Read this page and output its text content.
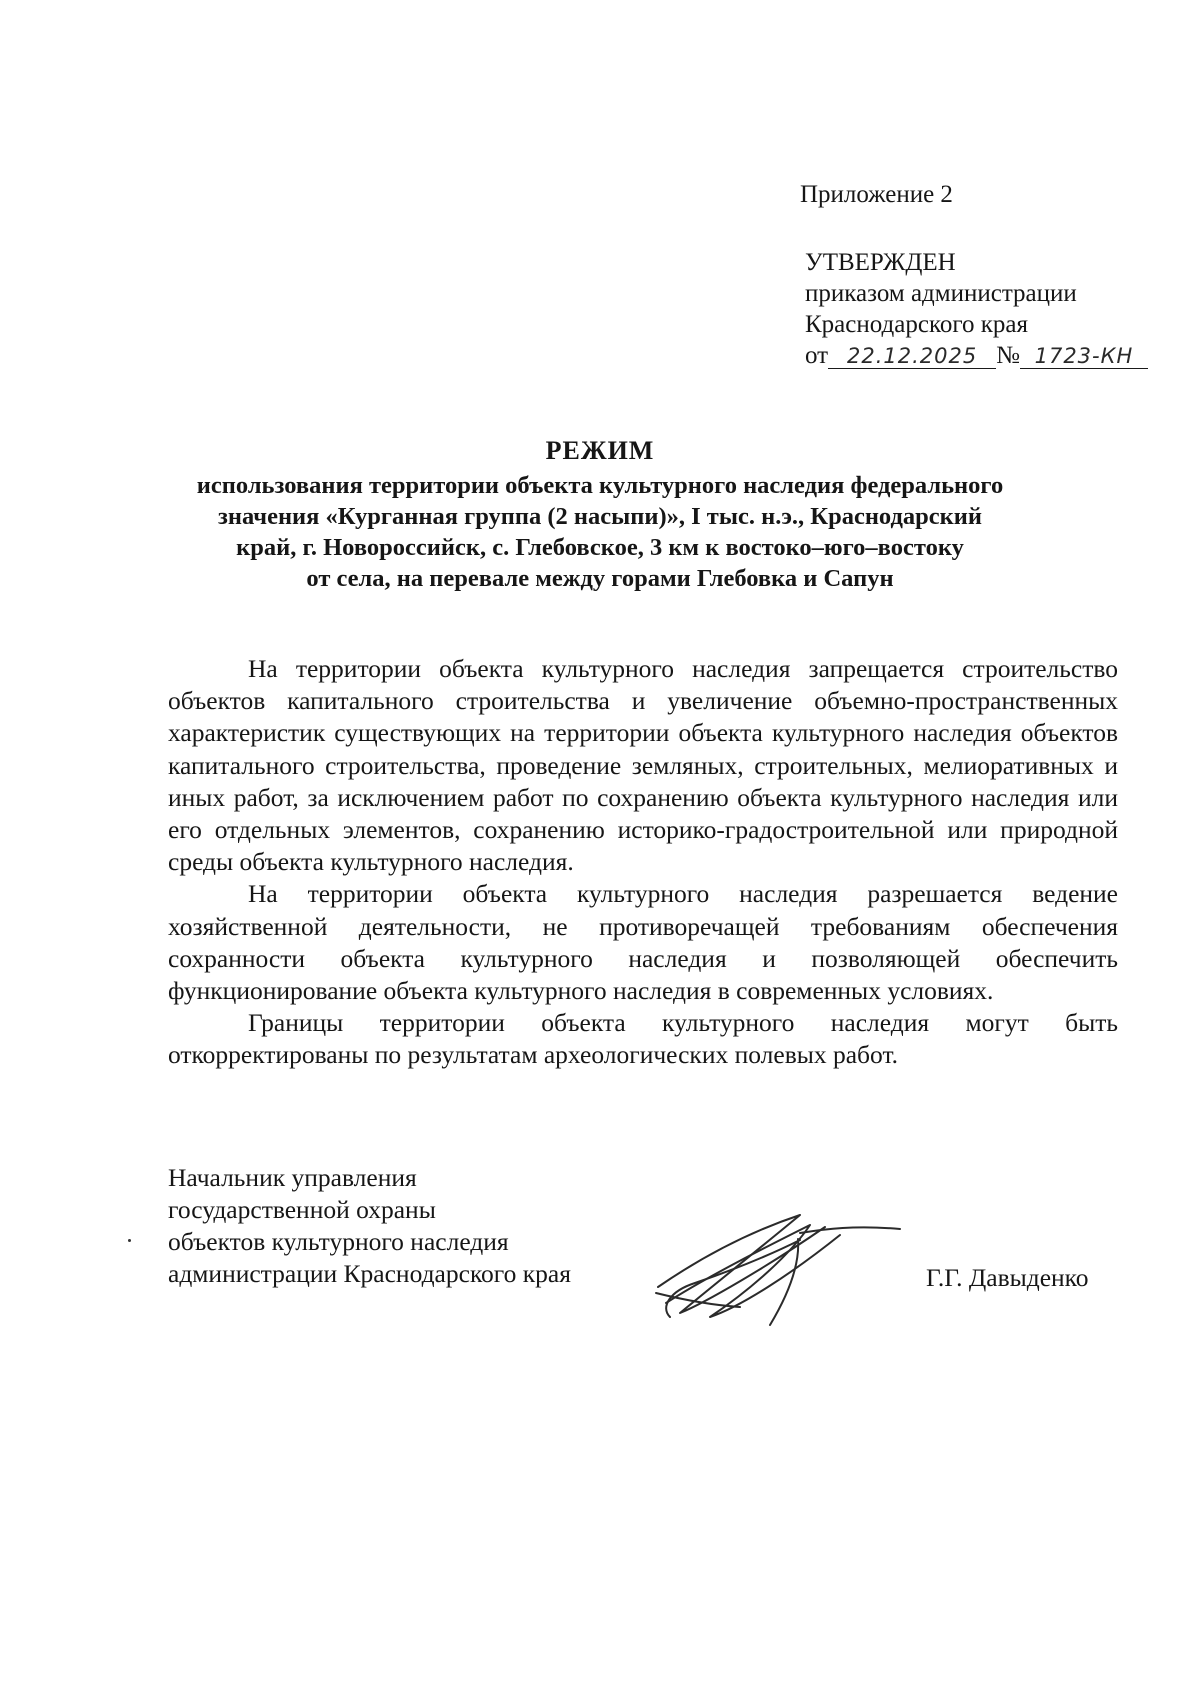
Приложение 2
УТВЕРЖДЕН
приказом администрации
Краснодарского края
от 22.12.2025 № 1723-КН
РЕЖИМ
использования территории объекта культурного наследия федерального
значения «Курганная группа (2 насыпи)», I тыс. н.э., Краснодарский
край, г. Новороссийск, с. Глебовское, 3 км к востоко–юго–востоку
от села, на перевале между горами Глебовка и Сапун

На территории объекта культурного наследия запрещается строительство объектов капитального строительства и увеличение объемно-пространственных характеристик существующих на территории объекта культурного наследия объектов капитального строительства, проведение земляных, строительных, мелиоративных и иных работ, за исключением работ по сохранению объекта культурного наследия или его отдельных элементов, сохранению историко-градостроительной или природной среды объекта культурного наследия.

На территории объекта культурного наследия разрешается ведение хозяйственной деятельности, не противоречащей требованиям обеспечения сохранности объекта культурного наследия и позволяющей обеспечить функционирование объекта культурного наследия в современных условиях.

Границы территории объекта культурного наследия могут быть откорректированы по результатам археологических полевых работ.

Начальник управления
государственной охраны
объектов культурного наследия
администрации Краснодарского края	Г.Г. Давыденко
